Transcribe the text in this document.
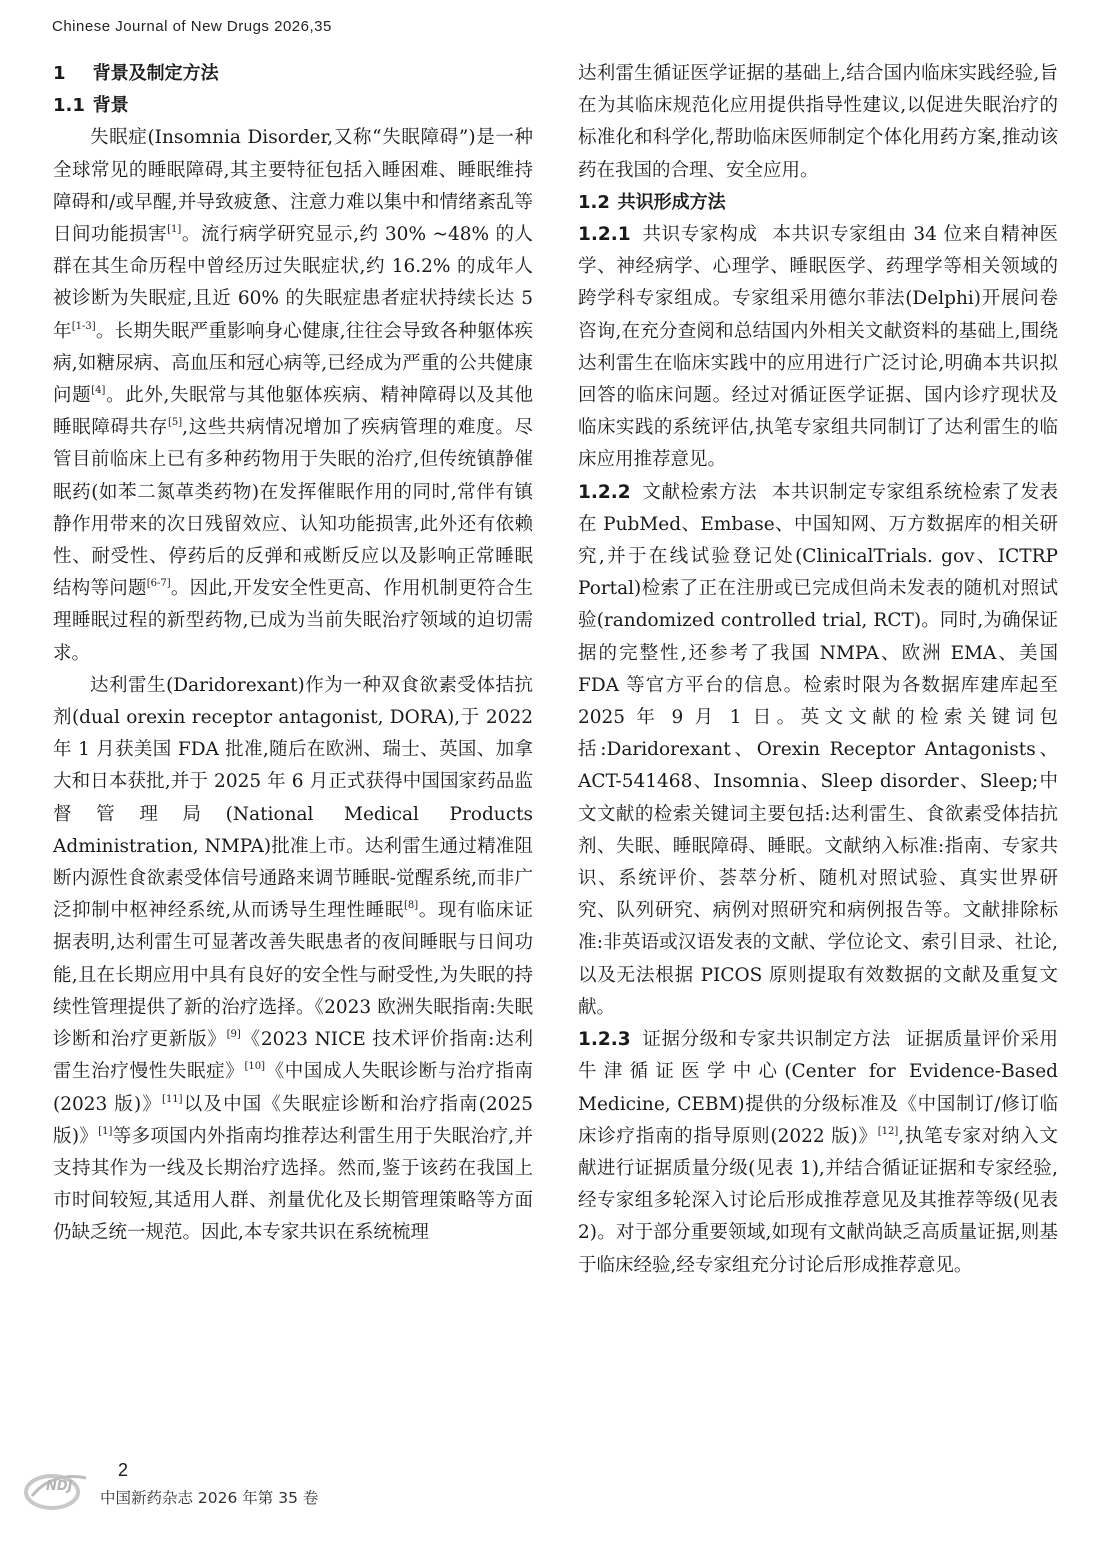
Chinese Journal of New Drugs 2026,35

1 背景及制定方法

1.1 背景

失眠症(Insomnia Disorder,又称“失眠障碍”)是一种全球常见的睡眠障碍,其主要特征包括入睡困难、睡眠维持障碍和/或早醒,并导致疲惫、注意力难以集中和情绪紊乱等日间功能损害[1]。流行病学研究显示,约 30% ~48% 的人群在其生命历程中曾经历过失眠症状,约 16.2% 的成年人被诊断为失眠症,且近 60% 的失眠症患者症状持续长达 5 年[1-3]。长期失眠严重影响身心健康,往往会导致各种躯体疾病,如糖尿病、高血压和冠心病等,已经成为严重的公共健康问题[4]。此外,失眠常与其他躯体疾病、精神障碍以及其他睡眠障碍共存[5],这些共病情况增加了疾病管理的难度。尽管目前临床上已有多种药物用于失眠的治疗,但传统镇静催眠药(如苯二氮䓬类药物)在发挥催眠作用的同时,常伴有镇静作用带来的次日残留效应、认知功能损害,此外还有依赖性、耐受性、停药后的反弹和戒断反应以及影响正常睡眠结构等问题[6-7]。因此,开发安全性更高、作用机制更符合生理睡眠过程的新型药物,已成为当前失眠治疗领域的迫切需求。

达利雷生(Daridorexant)作为一种双食欲素受体拮抗剂(dual orexin receptor antagonist, DORA),于 2022 年 1 月获美国 FDA 批准,随后在欧洲、瑞士、英国、加拿大和日本获批,并于 2025 年 6 月正式获得中国国家药品监督管理局(National Medical Products Administration, NMPA)批准上市。达利雷生通过精准阻断内源性食欲素受体信号通路来调节睡眠-觉醒系统,而非广泛抑制中枢神经系统,从而诱导生理性睡眠[8]。现有临床证据表明,达利雷生可显著改善失眠患者的夜间睡眠与日间功能,且在长期应用中具有良好的安全性与耐受性,为失眠的持续性管理提供了新的治疗选择。《2023 欧洲失眠指南:失眠诊断和治疗更新版》[9]《2023 NICE 技术评价指南:达利雷生治疗慢性失眠症》[10]《中国成人失眠诊断与治疗指南(2023 版)》[11]以及中国《失眠症诊断和治疗指南(2025 版)》[1]等多项国内外指南均推荐达利雷生用于失眠治疗,并支持其作为一线及长期治疗选择。然而,鉴于该药在我国上市时间较短,其适用人群、剂量优化及长期管理策略等方面仍缺乏统一规范。因此,本专家共识在系统梳理

达利雷生循证医学证据的基础上,结合国内临床实践经验,旨在为其临床规范化应用提供指导性建议,以促进失眠治疗的标准化和科学化,帮助临床医师制定个体化用药方案,推动该药在我国的合理、安全应用。

1.2 共识形成方法

1.2.1 共识专家构成 本共识专家组由 34 位来自精神医学、神经病学、心理学、睡眠医学、药理学等相关领域的跨学科专家组成。专家组采用德尔菲法(Delphi)开展问卷咨询,在充分查阅和总结国内外相关文献资料的基础上,围绕达利雷生在临床实践中的应用进行广泛讨论,明确本共识拟回答的临床问题。经过对循证医学证据、国内诊疗现状及临床实践的系统评估,执笔专家组共同制订了达利雷生的临床应用推荐意见。

1.2.2 文献检索方法 本共识制定专家组系统检索了发表在 PubMed、Embase、中国知网、万方数据库的相关研究,并于在线试验登记处(ClinicalTrials. gov、ICTRP Portal)检索了正在注册或已完成但尚未发表的随机对照试验(randomized controlled trial, RCT)。同时,为确保证据的完整性,还参考了我国 NMPA、欧洲 EMA、美国 FDA 等官方平台的信息。检索时限为各数据库建库起至 2025 年 9 月 1 日。英文文献的检索关键词包括:Daridorexant、Orexin Receptor Antagonists、ACT-541468、Insomnia、Sleep disorder、Sleep;中文文献的检索关键词主要包括:达利雷生、食欲素受体拮抗剂、失眠、睡眠障碍、睡眠。文献纳入标准:指南、专家共识、系统评价、荟萃分析、随机对照试验、真实世界研究、队列研究、病例对照研究和病例报告等。文献排除标准:非英语或汉语发表的文献、学位论文、索引目录、社论,以及无法根据 PICOS 原则提取有效数据的文献及重复文献。

1.2.3 证据分级和专家共识制定方法 证据质量评价采用牛津循证医学中心(Center for Evidence-Based Medicine, CEBM)提供的分级标准及《中国制订/修订临床诊疗指南的指导原则(2022 版)》[12],执笔专家对纳入文献进行证据质量分级(见表 1),并结合循证证据和专家经验,经专家组多轮深入讨论后形成推荐意见及其推荐等级(见表 2)。对于部分重要领域,如现有文献尚缺乏高质量证据,则基于临床经验,经专家组充分讨论后形成推荐意见。

NDJ
2
中国新药杂志 2026 年第 35 卷
